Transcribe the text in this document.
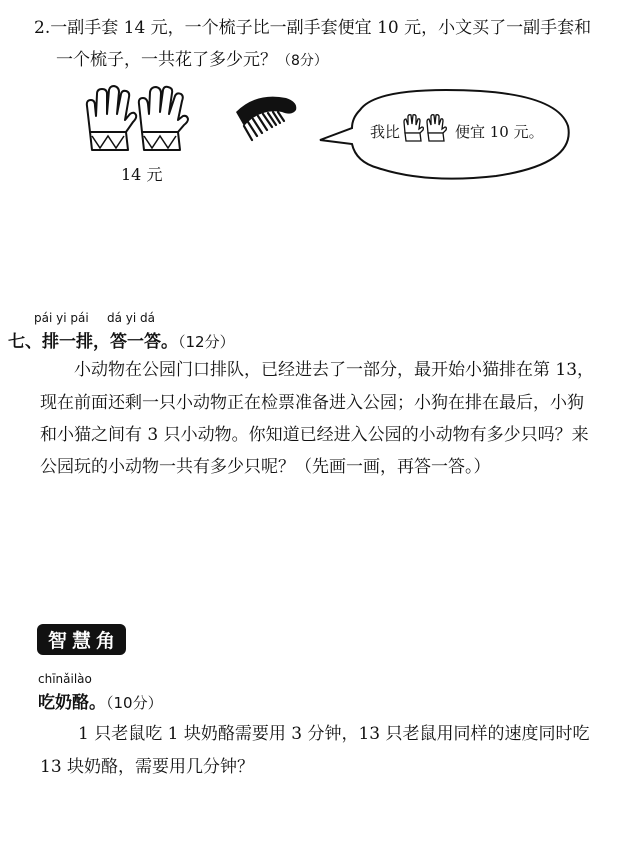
2.一副手套 14 元，一个梳子比一副手套便宜 10 元，小文买了一副手套和
一个梳子，一共花了多少元？（8分）
14 元
我比	便宜 10 元。
pái yi pái dá yi dá
七、排一排，答一答。（12分）
小动物在公园门口排队，已经进去了一部分，最开始小猫排在第 13，
现在前面还剩一只小动物正在检票准备进入公园；小狗在排在最后，小狗
和小猫之间有 3 只小动物。你知道已经进入公园的小动物有多少只吗？来
公园玩的小动物一共有多少只呢？（先画一画，再答一答。）
智慧角
chīnǎilào
吃奶酪。（10分）
1 只老鼠吃 1 块奶酪需要用 3 分钟，13 只老鼠用同样的速度同时吃
13 块奶酪，需要用几分钟？
